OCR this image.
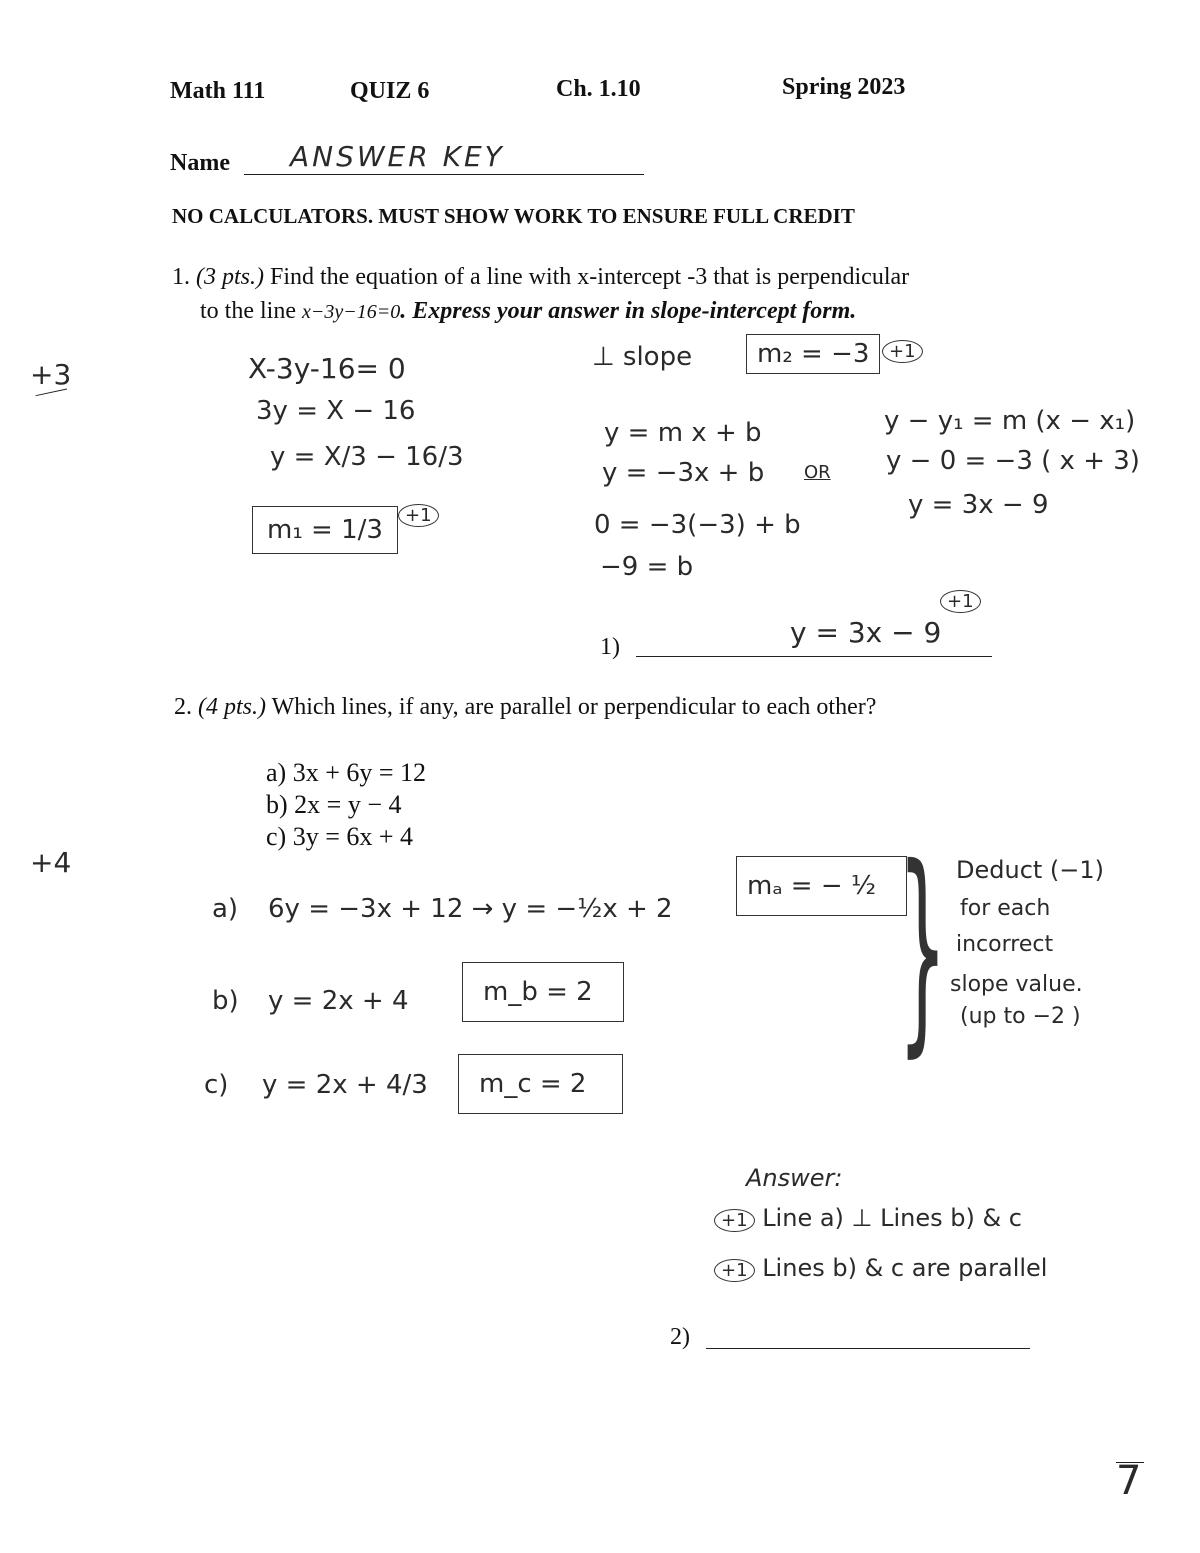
Math 111	QUIZ 6	Ch. 1.10	Spring 2023
Name ANSWER KEY
NO CALCULATORS. MUST SHOW WORK TO ENSURE FULL CREDIT
+3
+4
1. (3 pts.) Find the equation of a line with x-intercept -3 that is perpendicular
to the line x−3y−16=0. Express your answer in slope-intercept form.
X-3y-16= 0
3y = X − 16
y = X/3 − 16/3
m₁ = 1/3	+1
⊥ slope	m₂ = −3	+1
y = m x + b
y = −3x + b
0 = −3(−3) + b
−9 = b
OR
y − y₁ = m (x − x₁)
y − 0 = −3 ( x + 3)
y = 3x − 9
1)	y = 3x − 9
+1
2. (4 pts.) Which lines, if any, are parallel or perpendicular to each other?
a) 3x + 6y = 12
b) 2x = y − 4
c) 3y = 6x + 4
a) 6y = −3x + 12 → y = −½x + 2
mₐ = − ½
b) y = 2x + 4	m_b = 2
c) y = 2x + 4/3	m_c = 2
} Deduct (−1)
for each
incorrect
slope value.
(up to −2 )
Answer:
+1 Line a) ⊥ Lines b) & c
+1 Lines b) & c are parallel
2)
7
